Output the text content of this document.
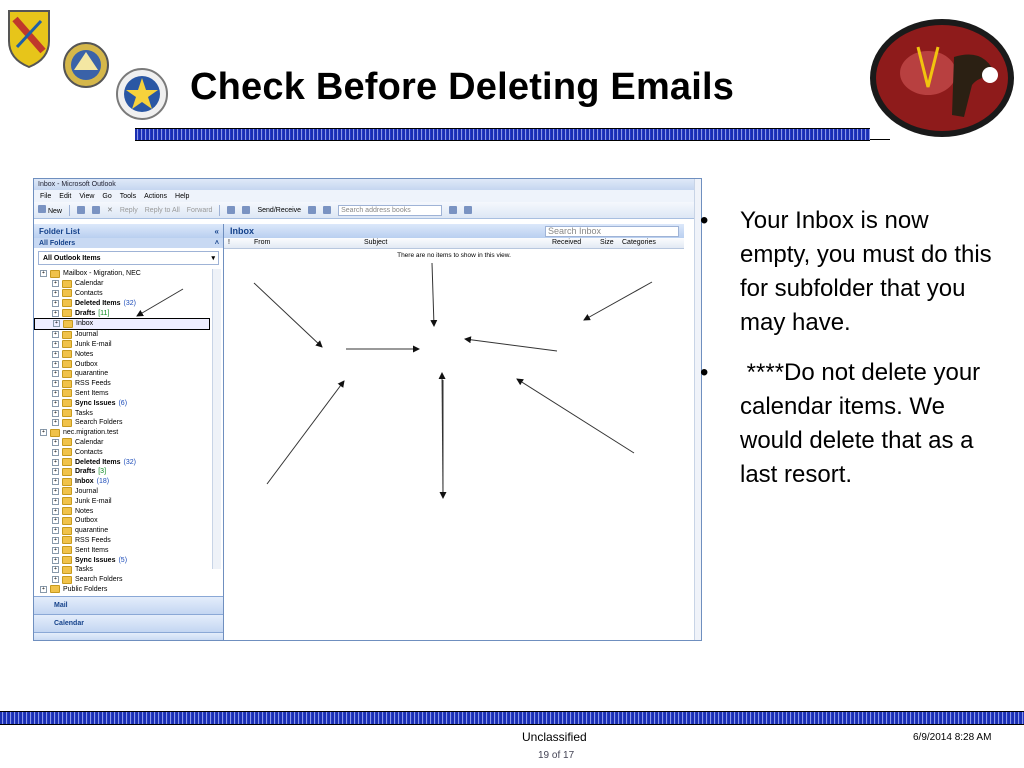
Check Before Deleting Emails
Inbox - Microsoft Outlook
File Edit View Go Tools Actions Help
New	✕ Reply Reply to All Forward	Send/Receive	Search address books
Folder List	«
All Folders	˄
All Outlook Items	▾
+	Mailbox - Migration, NEC
+	Calendar
+	Contacts
+	Deleted Items (32)
+	Drafts [11]
+	Inbox
+	Journal
+	Junk E-mail
+	Notes
+	Outbox
+	quarantine
+	RSS Feeds
+	Sent Items
+	Sync Issues (6)
+	Tasks
+	Search Folders
+	nec.migration.test
+	Calendar
+	Contacts
+	Deleted Items (32)
+	Drafts [3]
+	Inbox (18)
+	Journal
+	Junk E-mail
+	Notes
+	Outbox
+	quarantine
+	RSS Feeds
+	Sent Items
+	Sync Issues (5)
+	Tasks
+	Search Folders
+	Public Folders
Mail
Calendar
Inbox	Search Inbox
!	From	Subject	Received	Size Categories
There are no items to show in this view.
• Your Inbox is now empty, you must do this for subfolder that you may have.
• ****Do not delete your calendar items. We would delete that as a last resort.
Unclassified
19 of 17
6/9/2014 8:28 AM
